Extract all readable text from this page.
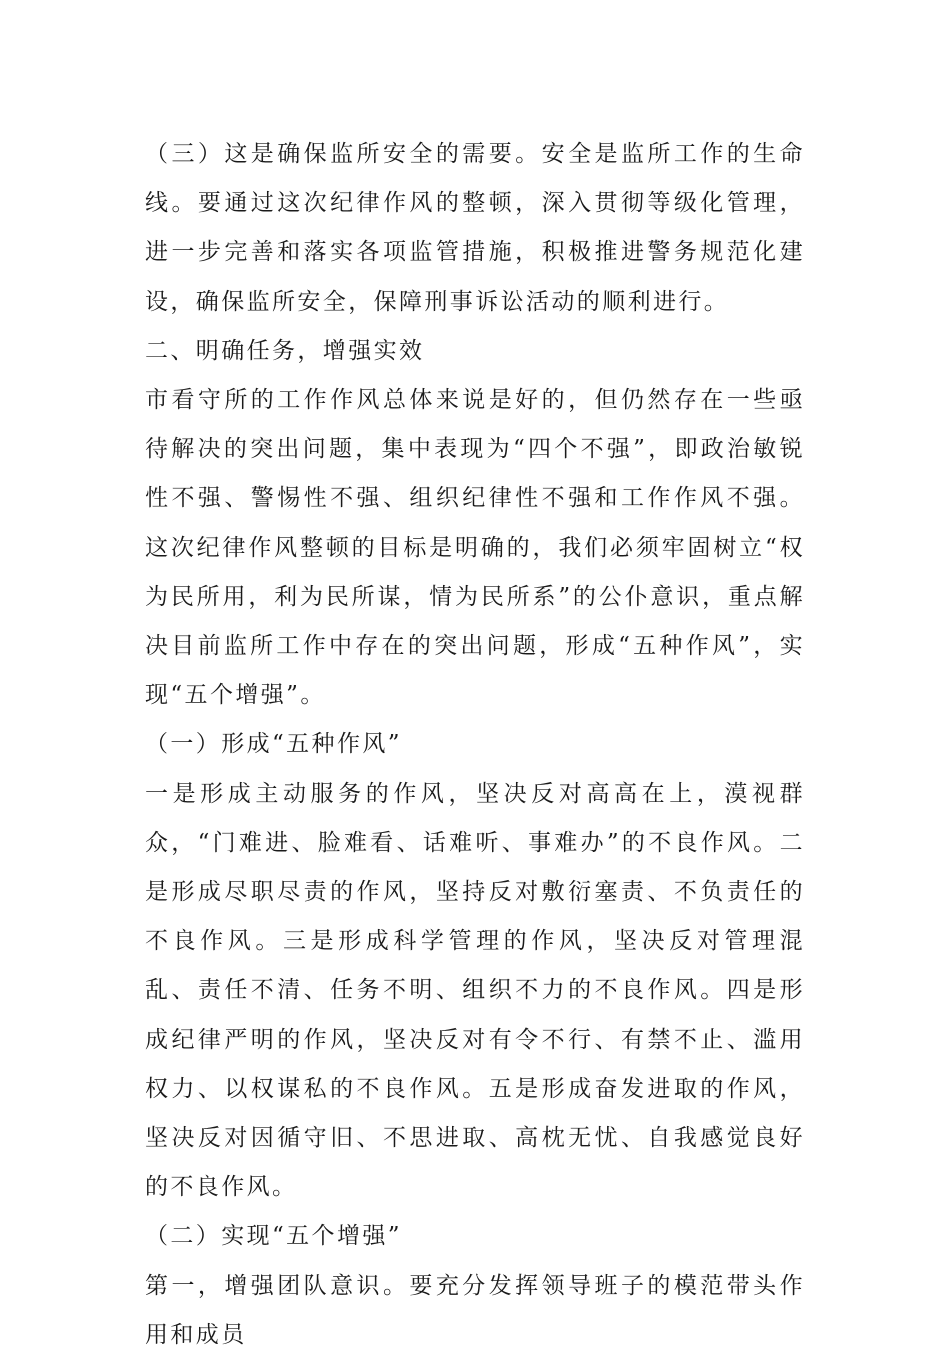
（三）这是确保监所安全的需要。安全是监所工作的生命线。要通过这次纪律作风的整顿，深入贯彻等级化管理，进一步完善和落实各项监管措施，积极推进警务规范化建设，确保监所安全，保障刑事诉讼活动的顺利进行。

二、明确任务，增强实效

市看守所的工作作风总体来说是好的，但仍然存在一些亟待解决的突出问题，集中表现为“四个不强”，即政治敏锐性不强、警惕性不强、组织纪律性不强和工作作风不强。这次纪律作风整顿的目标是明确的，我们必须牢固树立“权为民所用，利为民所谋，情为民所系”的公仆意识，重点解决目前监所工作中存在的突出问题，形成“五种作风”，实现“五个增强”。

（一）形成“五种作风”

一是形成主动服务的作风，坚决反对高高在上，漠视群众，“门难进、脸难看、话难听、事难办”的不良作风。二是形成尽职尽责的作风，坚持反对敷衍塞责、不负责任的不良作风。三是形成科学管理的作风，坚决反对管理混乱、责任不清、任务不明、组织不力的不良作风。四是形成纪律严明的作风，坚决反对有令不行、有禁不止、滥用权力、以权谋私的不良作风。五是形成奋发进取的作风，坚决反对因循守旧、不思进取、高枕无忧、自我感觉良好的不良作风。

（二）实现“五个增强”

第一，增强团队意识。要充分发挥领导班子的模范带头作用和成员
